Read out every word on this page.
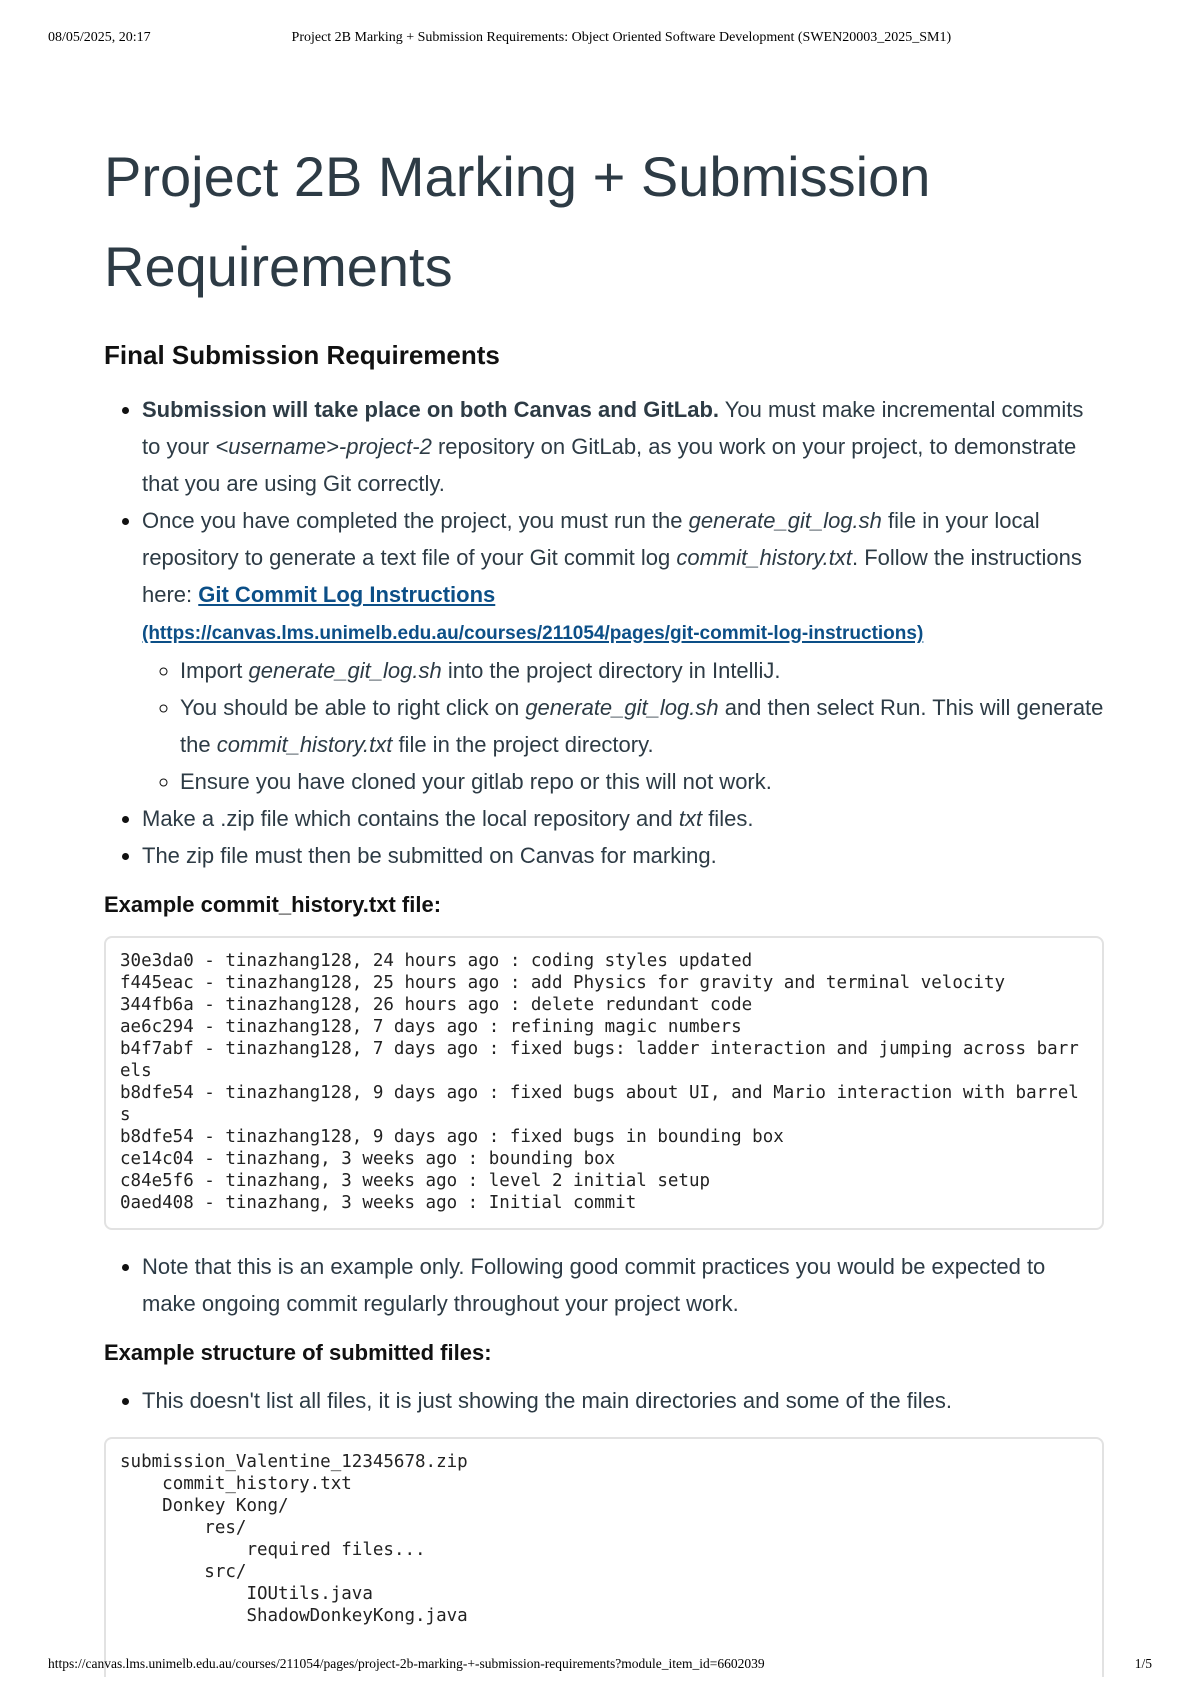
08/05/2025, 20:17	Project 2B Marking + Submission Requirements: Object Oriented Software Development (SWEN20003_2025_SM1)
Project 2B Marking + Submission
Requirements
Final Submission Requirements
• Submission will take place on both Canvas and GitLab. You must make incremental commits to your <username>-project-2 repository on GitLab, as you work on your project, to demonstrate that you are using Git correctly.
• Once you have completed the project, you must run the generate_git_log.sh file in your local repository to generate a text file of your Git commit log commit_history.txt. Follow the instructions here: Git Commit Log Instructions
(https://canvas.lms.unimelb.edu.au/courses/211054/pages/git-commit-log-instructions)
◦ Import generate_git_log.sh into the project directory in IntelliJ.
◦ You should be able to right click on generate_git_log.sh and then select Run. This will generate the commit_history.txt file in the project directory.
◦ Ensure you have cloned your gitlab repo or this will not work.
• Make a .zip file which contains the local repository and txt files.
• The zip file must then be submitted on Canvas for marking.
Example commit_history.txt file:
30e3da0 - tinazhang128, 24 hours ago : coding styles updated
f445eac - tinazhang128, 25 hours ago : add Physics for gravity and terminal velocity
344fb6a - tinazhang128, 26 hours ago : delete redundant code
ae6c294 - tinazhang128, 7 days ago : refining magic numbers
b4f7abf - tinazhang128, 7 days ago : fixed bugs: ladder interaction and jumping across barrels
b8dfe54 - tinazhang128, 9 days ago : fixed bugs about UI, and Mario interaction with barrels
b8dfe54 - tinazhang128, 9 days ago : fixed bugs in bounding box
ce14c04 - tinazhang, 3 weeks ago : bounding box
c84e5f6 - tinazhang, 3 weeks ago : level 2 initial setup
0aed408 - tinazhang, 3 weeks ago : Initial commit
• Note that this is an example only. Following good commit practices you would be expected to make ongoing commit regularly throughout your project work.
Example structure of submitted files:
• This doesn't list all files, it is just showing the main directories and some of the files.
submission_Valentine_12345678.zip
commit_history.txt
Donkey Kong/
res/
required files...
src/
IOUtils.java
ShadowDonkeyKong.java
https://canvas.lms.unimelb.edu.au/courses/211054/pages/project-2b-marking-+-submission-requirements?module_item_id=6602039	1/5
